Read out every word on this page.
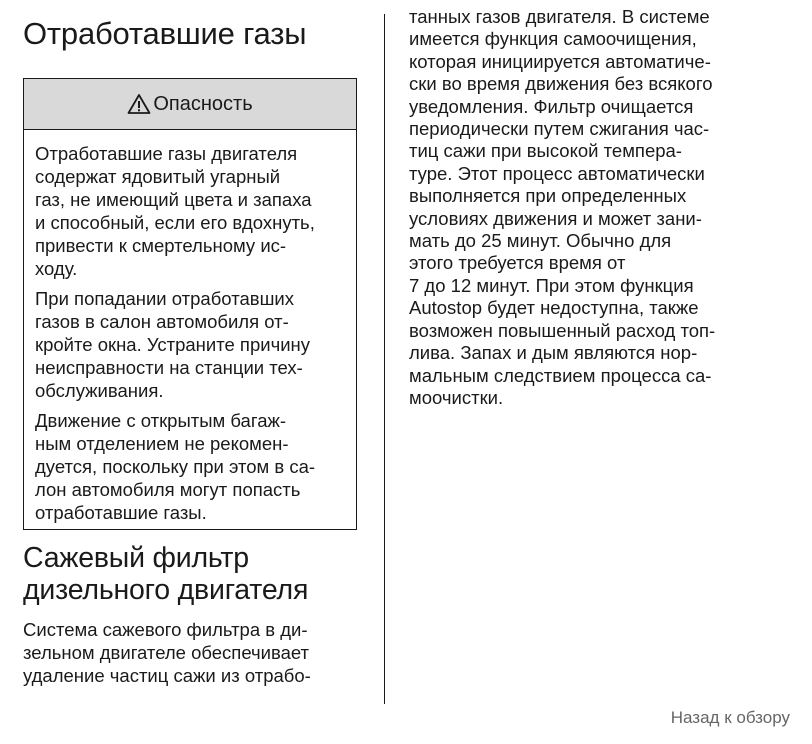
Отработавшие газы
Опасность

Отработавшие газы двигателя
содержат ядовитый угарный
газ, не имеющий цвета и запаха
и способный, если его вдохнуть,
привести к смертельному ис-
ходу.

При попадании отработавших
газов в салон автомобиля от-
кройте окна. Устраните причину
неисправности на станции тех-
обслуживания.

Движение с открытым багаж-
ным отделением не рекомен-
дуется, поскольку при этом в са-
лон автомобиля могут попасть
отработавшие газы.

Сажевый фильтр
дизельного двигателя

Система сажевого фильтра в ди-
зельном двигателе обеспечивает
удаление частиц сажи из отрабо-

танных газов двигателя. В системе
имеется функция самоочищения,
которая инициируется автоматиче-
ски во время движения без всякого
уведомления. Фильтр очищается
периодически путем сжигания час-
тиц сажи при высокой темпера-
туре. Этот процесс автоматически
выполняется при определенных
условиях движения и может зани-
мать до 25 минут. Обычно для
этого требуется время от
7 до 12 минут. При этом функция
Autostop будет недоступна, также
возможен повышенный расход топ-
лива. Запах и дым являются нор-
мальным следствием процесса са-
моочистки.

Назад к обзору
